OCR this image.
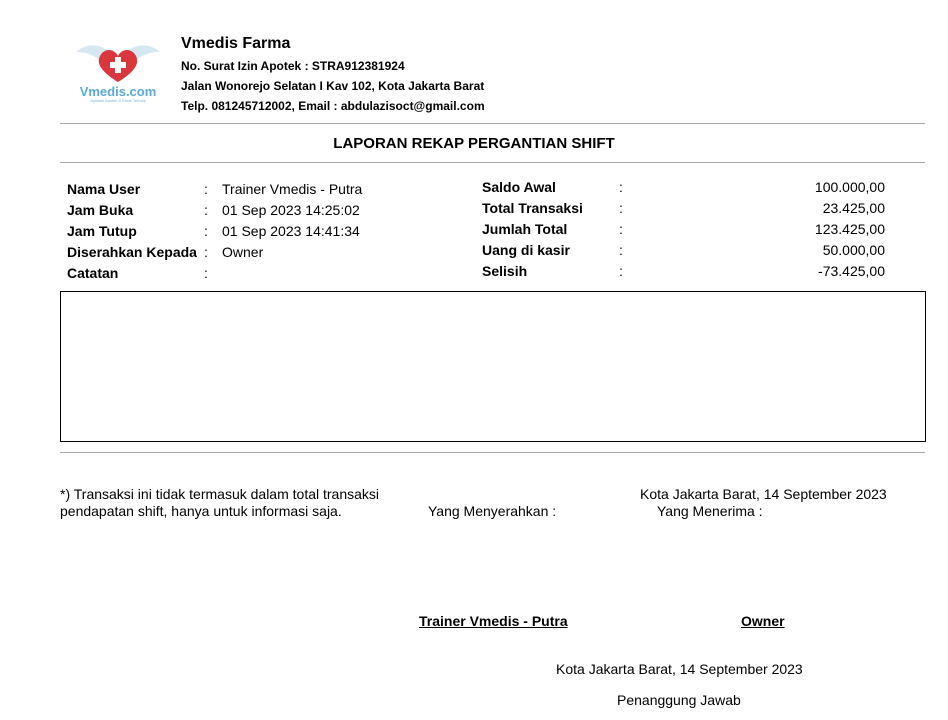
Vmedis.com
Aplikasi Apotek & Klinik Terbaik
Vmedis Farma
No. Surat Izin Apotek : STRA912381924
Jalan Wonorejo Selatan I Kav 102, Kota Jakarta Barat
Telp. 081245712002, Email : abdulazisoct@gmail.com
LAPORAN REKAP PERGANTIAN SHIFT
Nama User	: Trainer Vmedis - Putra
Jam Buka	: 01 Sep 2023 14:25:02
Jam Tutup	: 01 Sep 2023 14:41:34
Diserahkan Kepada : Owner
Catatan	:
Saldo Awal	:	100.000,00
Total Transaksi	:	23.425,00
Jumlah Total	:	123.425,00
Uang di kasir	:	50.000,00
Selisih	:	-73.425,00
*) Transaksi ini tidak termasuk dalam total transaksi
pendapatan shift, hanya untuk informasi saja.	Yang Menyerahkan :
Kota Jakarta Barat, 14 September 2023
Yang Menerima :
Trainer Vmedis - Putra	Owner
Kota Jakarta Barat, 14 September 2023
Penanggung Jawab
